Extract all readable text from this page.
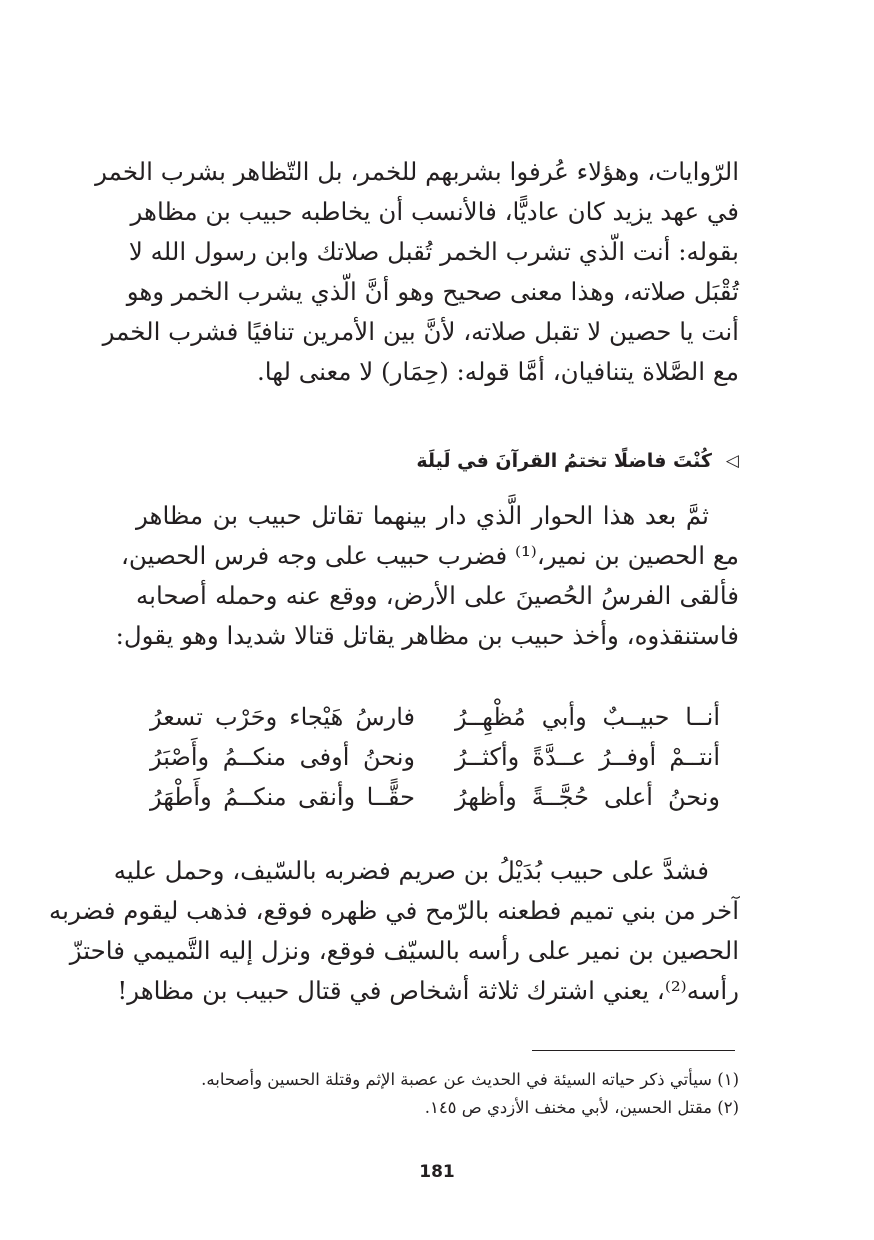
الرّوايات، وهؤلاء عُرفوا بشربهم للخمر، بل التّظاهر بشرب الخمر
في عهد يزيد كان عاديًّا، فالأنسب أن يخاطبه حبيب بن مظاهر
بقوله: أنت الّذي تشرب الخمر تُقبل صلاتك وابن رسول الله لا
تُقْبَل صلاته، وهذا معنى صحيح وهو أنَّ الّذي يشرب الخمر وهو
أنت يا حصين لا تقبل صلاته، لأنَّ بين الأمرين تنافيًا فشرب الخمر
مع الصَّلاة يتنافيان، أمَّا قوله: (حِمَار) لا معنى لها.
◁
كُنْتَ فاضلًا تختمُ القرآنَ في لَيلَة
ثمَّ بعد هذا الحوار الَّذي دار بينهما تقاتل حبيب بن مظاهر
مع الحصين بن نمير،⁽¹⁾ فضرب حبيب على وجه فرس الحصين،
فألقى الفرسُ الحُصينَ على الأرض، ووقع عنه وحمله أصحابه
فاستنقذوه، وأخذ حبيب بن مظاهر يقاتل قتالا شديدا وهو يقول:
أنــا حبيــبٌ وأبي مُظْهِــرُ
فارسُ هَيْجاء وحَرْب تسعرُ
أنتــمْ أوفــرُ عــدَّةً وأكثــرُ
ونحنُ أوفى منكــمُ وأَصْبَرُ
ونحنُ أعلى حُجَّــةً وأظهرُ
حقًّــا وأنقى منكــمُ وأَطْهَرُ
فشدَّ على حبيب بُدَيْلُ بن صريم فضربه بالسّيف، وحمل عليه
آخر من بني تميم فطعنه بالرّمح في ظهره فوقع، فذهب ليقوم فضربه
الحصين بن نمير على رأسه بالسيّف فوقع، ونزل إليه التَّميمي فاحتزّ
رأسه⁽²⁾، يعني اشترك ثلاثة أشخاص في قتال حبيب بن مظاهر!
(١) سيأتي ذكر حياته السيئة في الحديث عن عصبة الإثم وقتلة الحسين وأصحابه.
(٢) مقتل الحسين، لأبي مخنف الأزدي ص ١٤٥.
181
